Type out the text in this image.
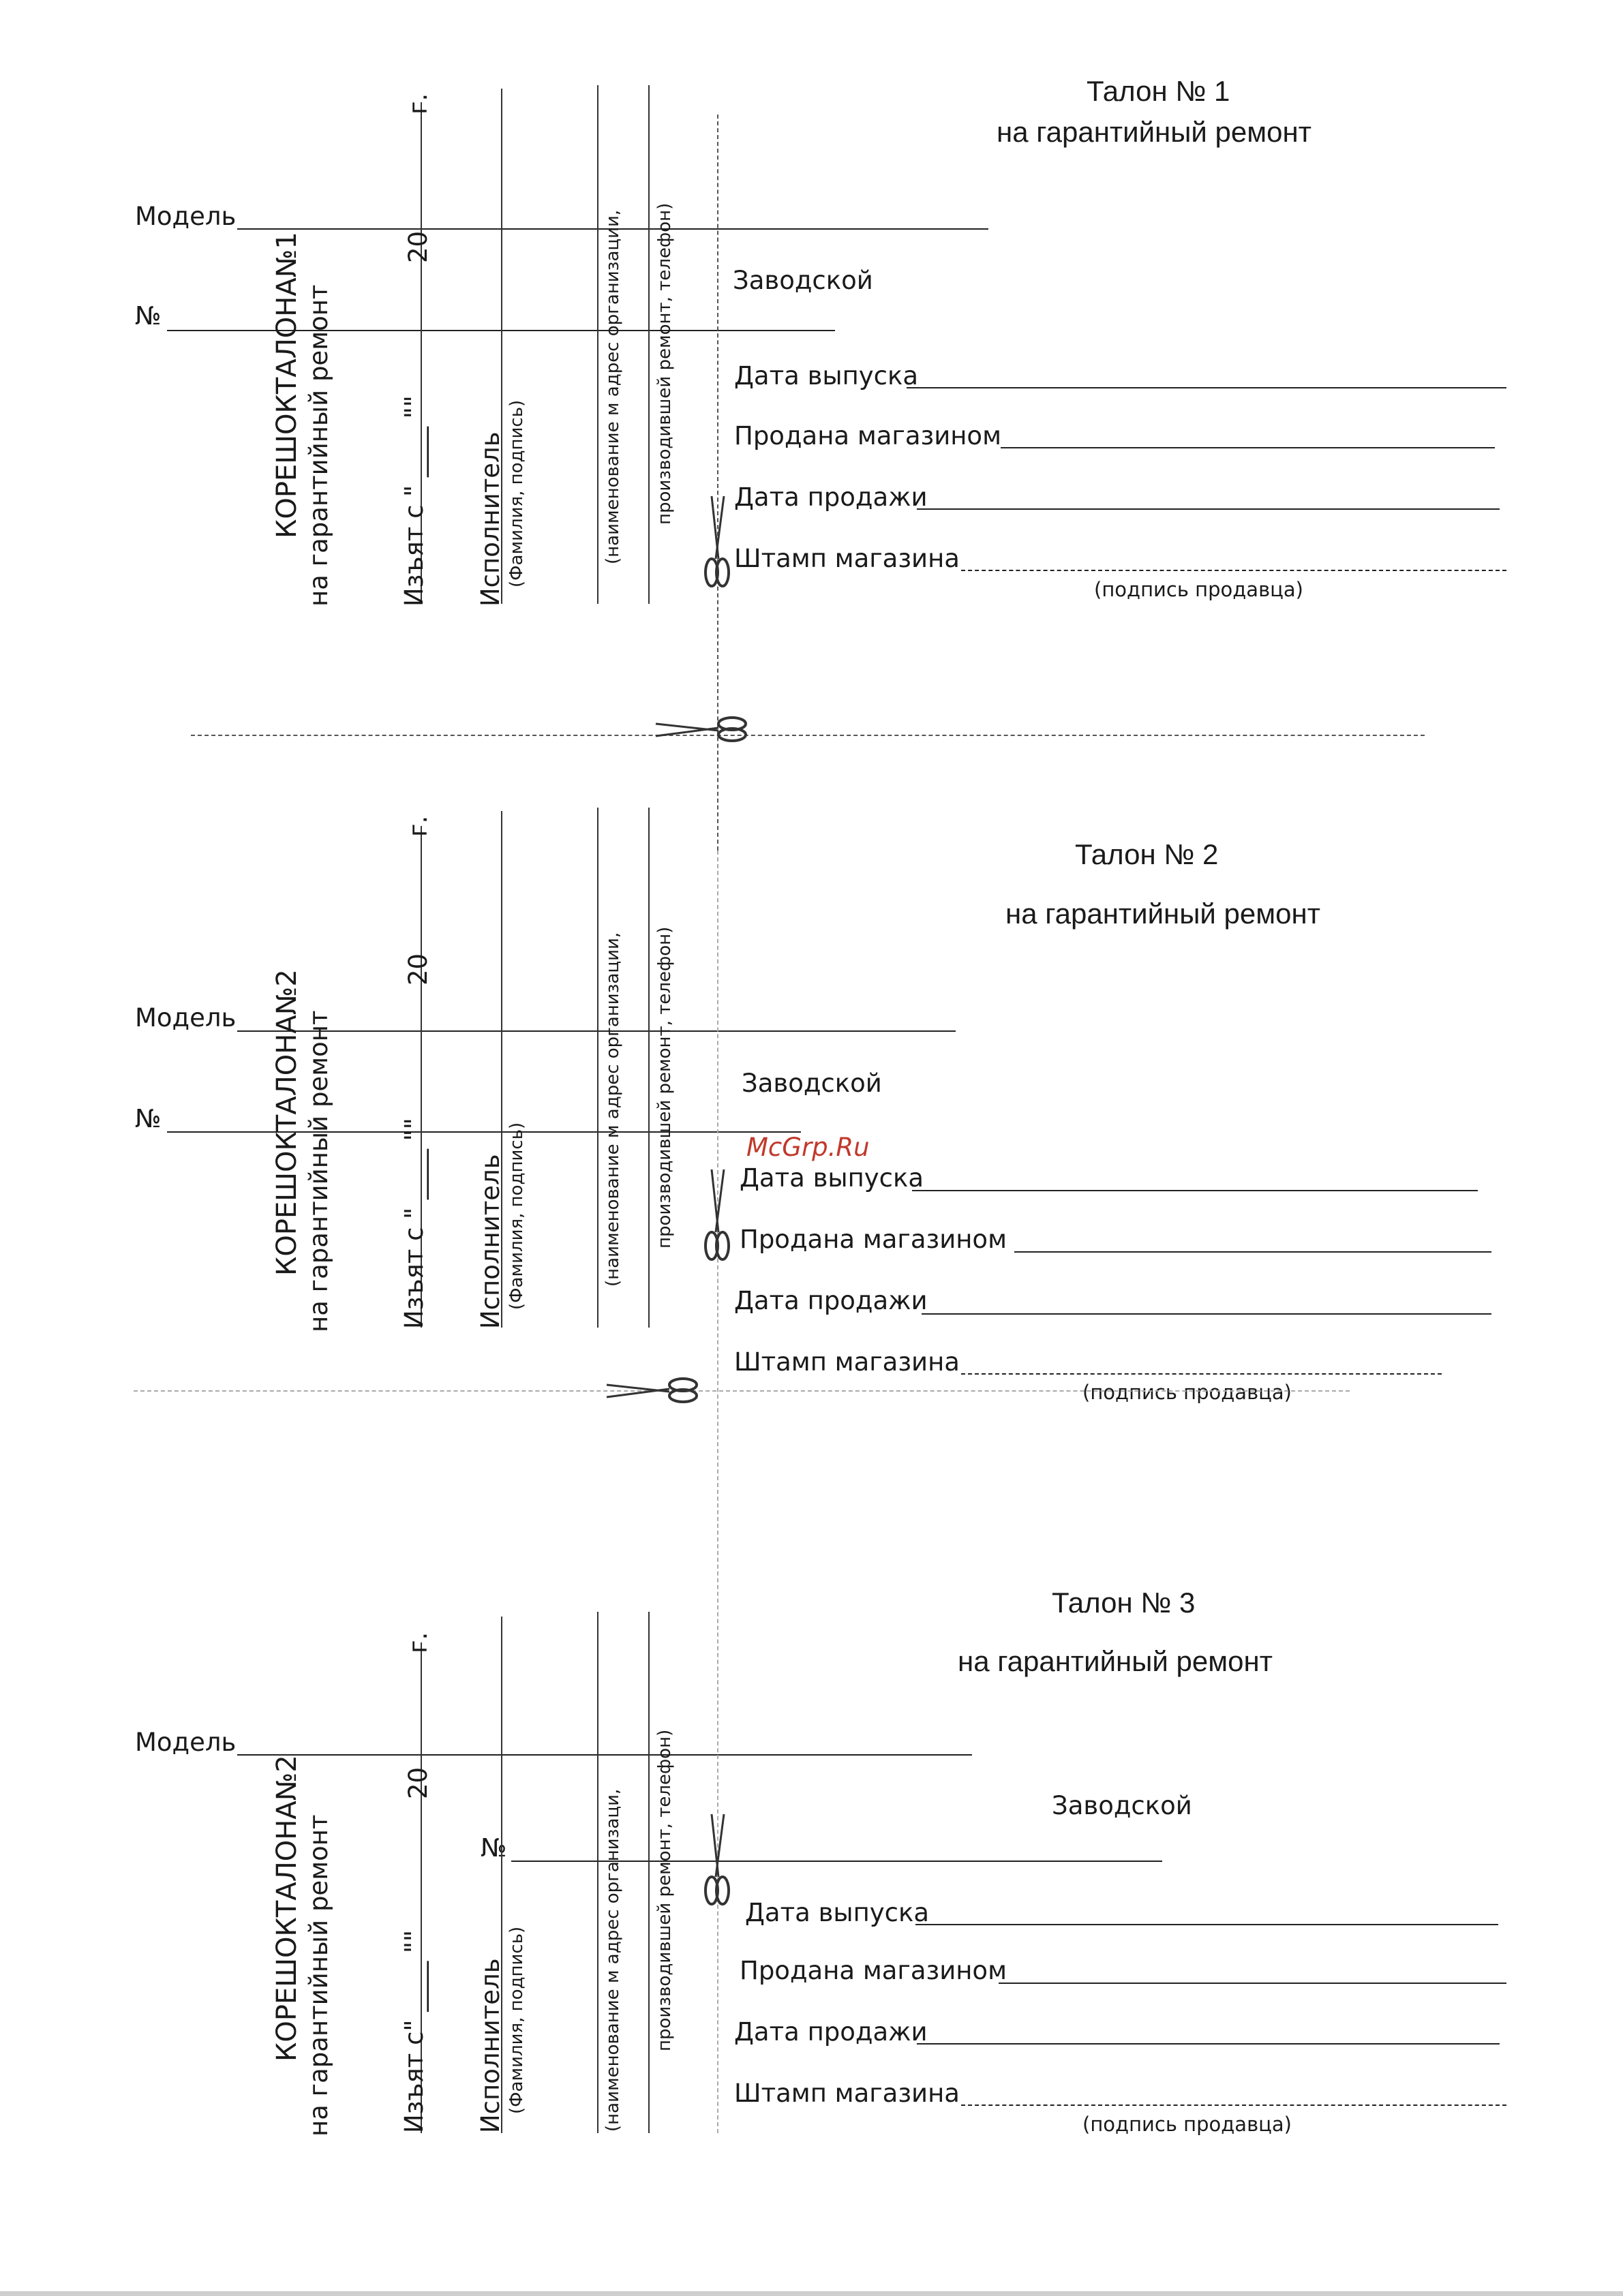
Талон № 1
на гарантийный ремонт
Модель
№
Заводской
Дата выпуска
Продана магазином
Дата продажи
Штамп магазина
(подпись продавца)
КОРЕШОКТАЛОНА№1 на гарантийный ремонт
г.
20
Изъят с " ____ "" Исполнитель (Фамилия, подпись)	(наименование м адрес организации, производившей ремонт, телефон)
Талон № 2
на гарантийный ремонт
Модель
№
Заводской
McGrp.Ru
Дата выпуска
Продана магазином
Дата продажи
Штамп магазина
(подпись продавца)
КОРЕШОКТАЛОНА№2 на гарантийный ремонт
г.
20
Изъят с " ____ "" Исполнитель (Фамилия, подпись)	(наименование м адрес организации, производившей ремонт, телефон)
Талон № 3
на гарантийный ремонт
Модель
Заводской
№
Дата выпуска
Продана магазином
Дата продажи
Штамп магазина
(подпись продавца)
КОРЕШОКТАЛОНА№2 на гарантийный ремонт
г.
20
Изъят с" ____ "" Исполнитель (Фамилия, подпись)	(наименование м адрес организаци, производившей ремонт, телефон)
